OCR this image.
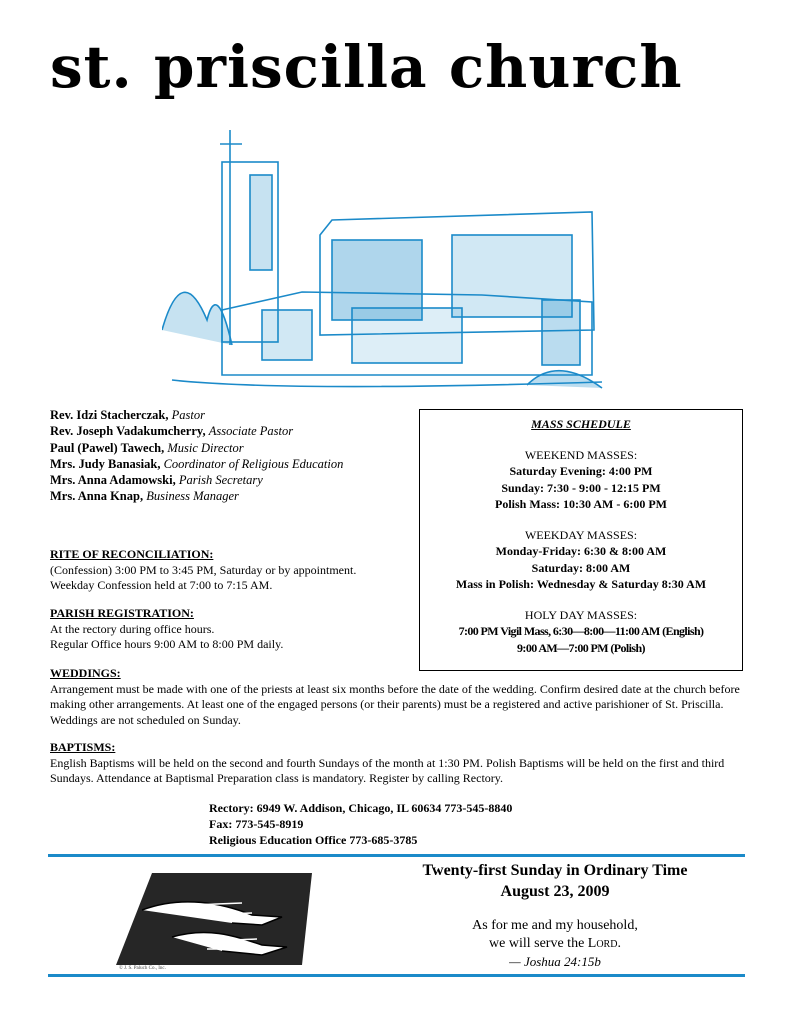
st. priscilla church
Rev. Idzi Stacherczak, Pastor
Rev. Joseph Vadakumcherry, Associate Pastor
Paul (Pawel) Tawech, Music Director
Mrs. Judy Banasiak, Coordinator of Religious Education
Mrs. Anna Adamowski, Parish Secretary
Mrs. Anna Knap, Business Manager
MASS SCHEDULE
WEEKEND MASSES:
Saturday Evening: 4:00 PM
Sunday: 7:30 - 9:00 - 12:15 PM
Polish Mass: 10:30 AM - 6:00 PM
WEEKDAY MASSES:
Monday-Friday: 6:30 & 8:00 AM
Saturday: 8:00 AM
Mass in Polish: Wednesday & Saturday 8:30 AM
HOLY DAY MASSES:
7:00 PM Vigil Mass, 6:30—8:00—11:00 AM (English)
9:00 AM—7:00 PM (Polish)
RITE OF RECONCILIATION:
(Confession) 3:00 PM to 3:45 PM, Saturday or by appointment.
Weekday Confession held at 7:00 to 7:15 AM.
PARISH REGISTRATION:
At the rectory during office hours.
Regular Office hours 9:00 AM to 8:00 PM daily.
WEDDINGS:
Arrangement must be made with one of the priests at least six months before the date of the wedding. Confirm desired date at the church before making other arrangements. At least one of the engaged persons (or their parents) must be a registered and active parishioner of St. Priscilla. Weddings are not scheduled on Sunday.
BAPTISMS:
English Baptisms will be held on the second and fourth Sundays of the month at 1:30 PM. Polish Baptisms will be held on the first and third Sundays. Attendance at Baptismal Preparation class is mandatory. Register by calling Rectory.
Rectory: 6949 W. Addison, Chicago, IL 60634 773-545-8840
Fax: 773-545-8919
Religious Education Office 773-685-3785
© J. S. Paluch Co., Inc.
Twenty-first Sunday in Ordinary Time
August 23, 2009
As for me and my household,
we will serve the Lord.
— Joshua 24:15b
